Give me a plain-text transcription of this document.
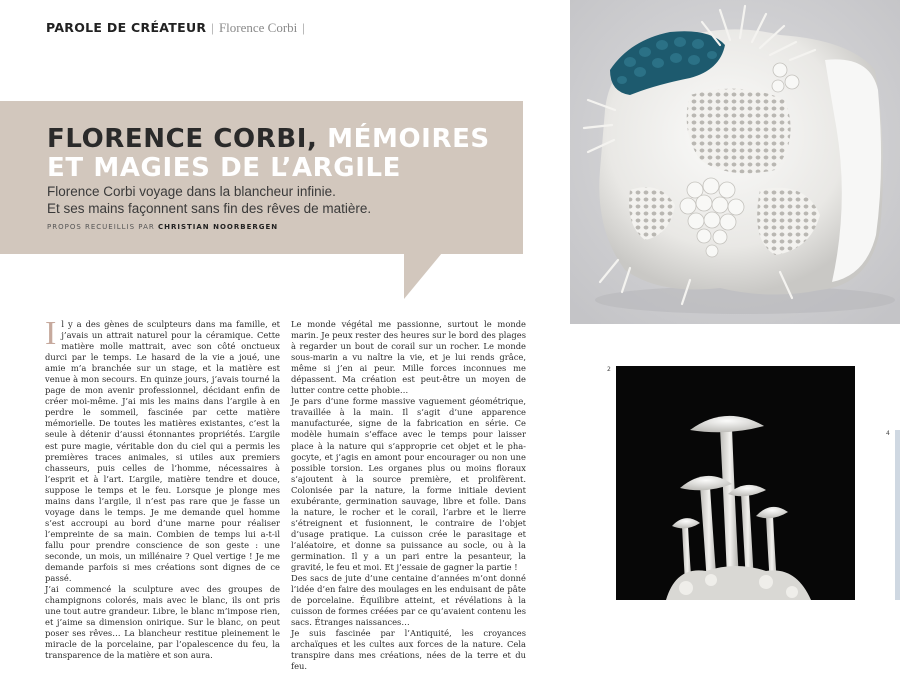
PAROLE DE CRÉATEUR | Florence Corbi |
FLORENCE CORBI, MÉMOIRES
ET MAGIES DE L’ARGILE

Florence Corbi voyage dans la blancheur infinie.
Et ses mains façonnent sans fin des rêves de matière.

PROPOS RECUEILLIS PAR CHRISTIAN NOORBERGEN

Il y a des gènes de sculpteurs dans ma famille, et j’avais un attrait naturel pour la céramique. Cette matière molle mattrait, avec son côté onctueux durci par le temps. Le hasard de la vie a joué, une amie m’a branchée sur un stage, et la matière est venue à mon secours. En quinze jours, j’avais tourné la page de mon avenir professionnel, décidant enfin de créer moi-même. J’ai mis les mains dans l’argile à en perdre le sommeil, fascinée par cette matière mémorielle. De toutes les matières existantes, c’est la seule à détenir d’aussi étonnantes propriétés. L’argile est pure magie, véritable don du ciel qui a permis les premières traces animales, si utiles aux premiers chasseurs, puis celles de l’homme, nécessaires à l’esprit et à l’art. L’argile, matière tendre et douce, suppose le temps et le feu. Lorsque je plonge mes mains dans l’argile, il n’est pas rare que je fasse un voyage dans le temps. Je me demande quel homme s’est accroupi au bord d’une marne pour réaliser l’empreinte de sa main. Combien de temps lui a-t-il fallu pour prendre conscience de son geste : une seconde, un mois, un millénaire ? Quel vertige ! Je me demande parfois si mes créations sont dignes de ce passé.

J’ai commencé la sculpture avec des groupes de champignons colorés, mais avec le blanc, ils ont pris une tout autre grandeur. Libre, le blanc m’impose rien, et j’aime sa dimension onirique. Sur le blanc, on peut poser ses rêves… La blancheur restitue pleinement le miracle de la porcelaine, par l’opalescence du feu, la transparence de la matière et son aura.

Le monde végétal me passionne, surtout le monde marin. Je peux rester des heures sur le bord des plages à regarder un bout de corail sur un rocher. Le monde sous-marin a vu naître la vie, et je lui rends grâce, même si j’en ai peur. Mille forces inconnues me dépassent. Ma création est peut-être un moyen de lutter contre cette phobie…

Je pars d’une forme massive vaguement géométrique, travaillée à la main. Il s’agit d’une apparence manufacturée, signe de la fabrication en série. Ce modèle humain s’efface avec le temps pour laisser place à la nature qui s’approprie cet objet et le phagocyte, et j’agis en amont pour encourager ou non une possible torsion. Les organes plus ou moins floraux s’ajoutent à la source première, et prolifèrent. Colonisée par la nature, la forme initiale devient exubérante, germination sauvage, libre et folle. Dans la nature, le rocher et le corail, l’arbre et le lierre s’étreignent et fusionnent, le contraire de l’objet d’usage pratique. La cuisson crée le parasitage et l’aléatoire, et donne sa puissance au socle, ou à la germination. Il y a un pari entre la pesanteur, la gravité, le feu et moi. Et j’essaie de gagner la partie !

Des sacs de jute d’une centaine d’années m’ont donné l’idée d’en faire des moulages en les enduisant de pâte de porcelaine. Équilibre atteint, et révélations à la cuisson de formes créées par ce qu’avaient contenu les sacs. Étranges naissances…

Je suis fascinée par l’Antiquité, les croyances archaïques et les cultes aux forces de la nature. Cela transpire dans mes créations, nées de la terre et du feu.

2
4
